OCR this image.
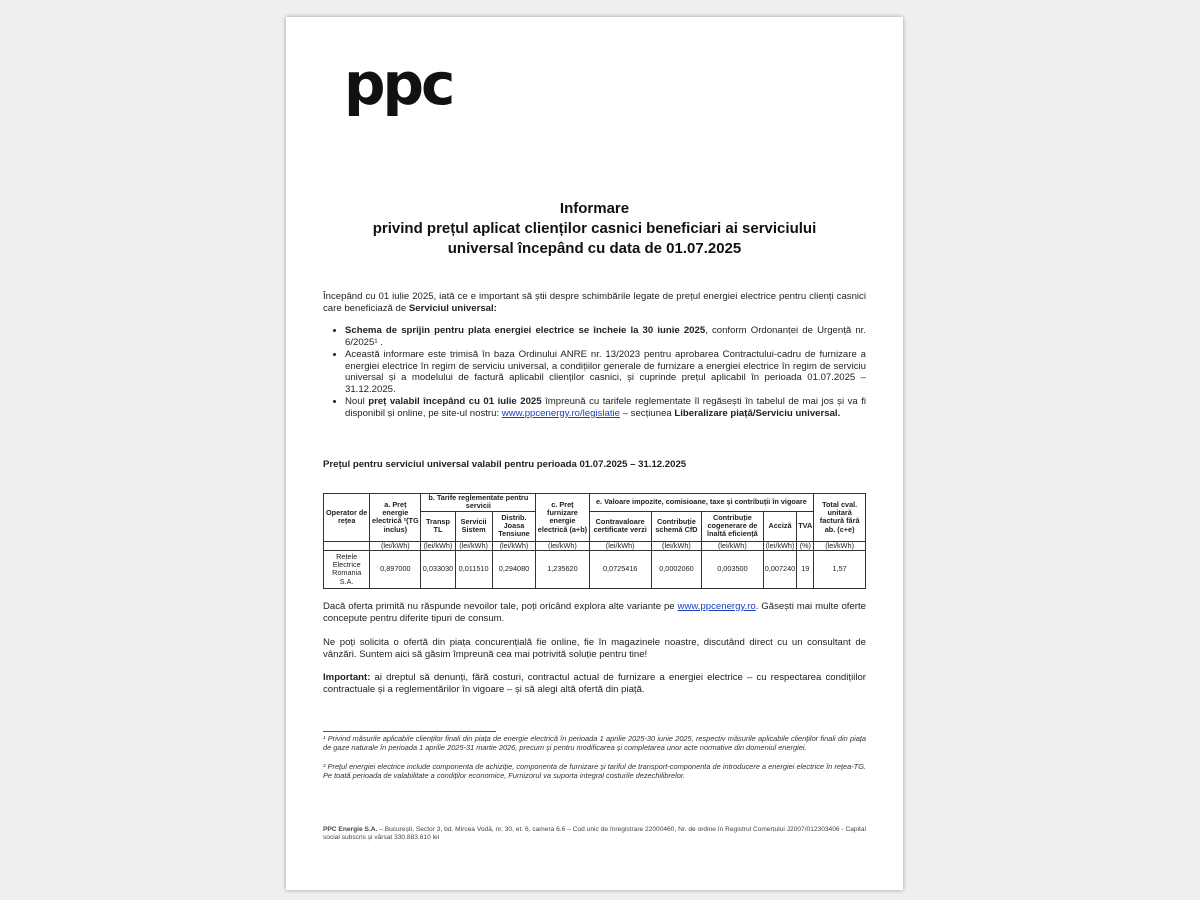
ppc
Informare
privind prețul aplicat clienților casnici beneficiari ai serviciului
universal începând cu data de 01.07.2025
Începând cu 01 iulie 2025, iată ce e important să știi despre schimbările legate de prețul energiei electrice pentru clienți casnici care beneficiază de Serviciul universal:
• Schema de sprijin pentru plata energiei electrice se încheie la 30 iunie 2025, conform Ordonanței de Urgență nr. 6/2025¹ .
• Această informare este trimisă în baza Ordinului ANRE nr. 13/2023 pentru aprobarea Contractului-cadru de furnizare a energiei electrice în regim de serviciu universal, a condițiilor generale de furnizare a energiei electrice în regim de serviciu universal și a modelului de factură aplicabil clienților casnici, și cuprinde prețul aplicabil în perioada 01.07.2025 – 31.12.2025.
• Noul preț valabil începând cu 01 iulie 2025 împreună cu tarifele reglementate îl regăsești în tabelul de mai jos și va fi disponibil și online, pe site-ul nostru: www.ppcenergy.ro/legislatie – secțiunea Liberalizare piață/Serviciu universal.
Prețul pentru serviciul universal valabil pentru perioada 01.07.2025 – 31.12.2025
Operator de rețea	a. Preț energie electrică ²(TG inclus)	b. Tarife reglementate pentru servicii			c. Preț furnizare energie electrică (a+b)	e. Valoare impozite, comisioane, taxe și contribuții în vigoare					Total cval. unitară factură fără ab. (c+e)
		Transp TL	Servicii Sistem	Distrib. Joasa Tensiune		Contravaloare certificate verzi	Contribuție schemă CfD	Contribuție cogenerare de înaltă eficiență	Acciză	TVA	
	(lei/kWh)	(lei/kWh)	(lei/kWh)	(lei/kWh)	(lei/kWh)	(lei/kWh)	(lei/kWh)	(lei/kWh)	(lei/kWh)	(%)	(lei/kWh)
Rețele Electrice Romania S.A.	0,897000	0,033030	0,011510	0,294080	1,235620	0,0725416	0,0002060	0,003500	0,007240	19	1,57
Dacă oferta primită nu răspunde nevoilor tale, poți oricând explora alte variante pe www.ppcenergy.ro. Găsești mai multe oferte concepute pentru diferite tipuri de consum.
Ne poți solicita o ofertă din piața concurențială fie online, fie în magazinele noastre, discutând direct cu un consultant de vânzări. Suntem aici să găsim împreună cea mai potrivită soluție pentru tine!
Important: ai dreptul să denunți, fără costuri, contractul actual de furnizare a energiei electrice – cu respectarea condițiilor contractuale și a reglementărilor în vigoare – și să alegi altă ofertă din piață.
¹ Privind măsurile aplicabile clienților finali din piața de energie electrică în perioada 1 aprilie 2025-30 iunie 2025, respectiv măsurile aplicabile clienților finali din piața de gaze naturale în perioada 1 aprilie 2025-31 martie 2026, precum și pentru modificarea și completarea unor acte normative din domeniul energiei.
² Prețul energiei electrice include componenta de achiziție, componenta de furnizare și tariful de transport-componenta de introducere a energiei electrice în rețea-TG. Pe toată perioada de valabilitate a condiților economice, Furnizorul va suporta integral costurile dezechilibrelor.
PPC Energie S.A. – București, Sector 3, bd. Mircea Vodă, nr. 30, et. 6, camera 6.6 – Cod unic de înregistrare 22000460, Nr. de ordine în Registrul Comerțului J2007/012303406 - Capital social subscris și vărsat 330.883.610 lei
